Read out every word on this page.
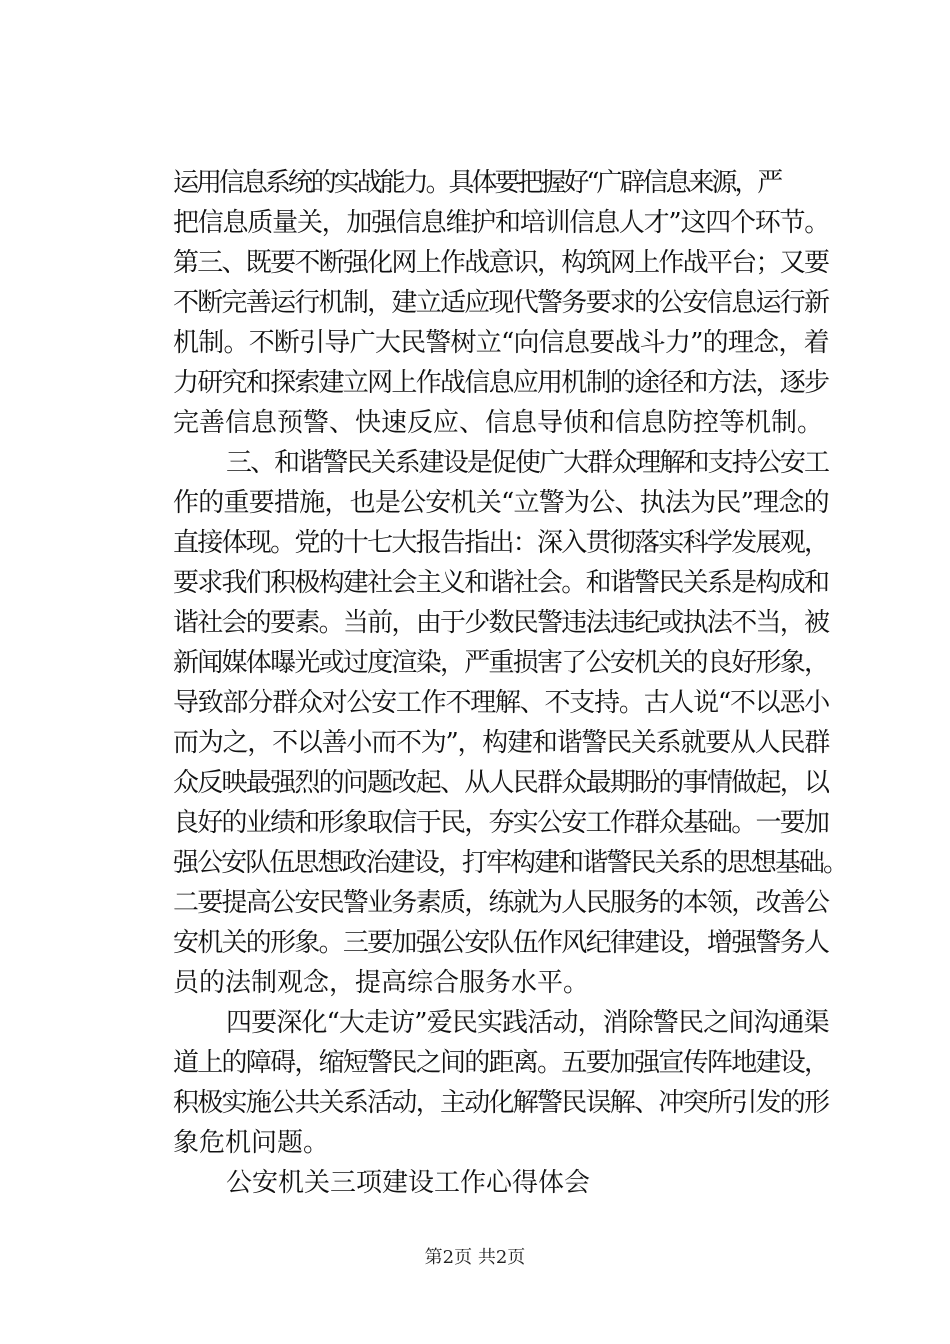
运用信息系统的实战能力。具体要把握好“广辟信息来源，严
把信息质量关，加强信息维护和培训信息人才”这四个环节。
第三、既要不断强化网上作战意识，构筑网上作战平台；又要
不断完善运行机制，建立适应现代警务要求的公安信息运行新
机制。不断引导广大民警树立“向信息要战斗力”的理念，着
力研究和探索建立网上作战信息应用机制的途径和方法，逐步
完善信息预警、快速反应、信息导侦和信息防控等机制。
三、和谐警民关系建设是促使广大群众理解和支持公安工
作的重要措施，也是公安机关“立警为公、执法为民”理念的
直接体现。党的十七大报告指出：深入贯彻落实科学发展观，
要求我们积极构建社会主义和谐社会。和谐警民关系是构成和
谐社会的要素。当前，由于少数民警违法违纪或执法不当，被
新闻媒体曝光或过度渲染，严重损害了公安机关的良好形象，
导致部分群众对公安工作不理解、不支持。古人说“不以恶小
而为之，不以善小而不为”，构建和谐警民关系就要从人民群
众反映最强烈的问题改起、从人民群众最期盼的事情做起，以
良好的业绩和形象取信于民，夯实公安工作群众基础。一要加
强公安队伍思想政治建设，打牢构建和谐警民关系的思想基础。
二要提高公安民警业务素质，练就为人民服务的本领，改善公
安机关的形象。三要加强公安队伍作风纪律建设，增强警务人
员的法制观念，提高综合服务水平。
四要深化“大走访”爱民实践活动，消除警民之间沟通渠
道上的障碍，缩短警民之间的距离。五要加强宣传阵地建设，
积极实施公共关系活动，主动化解警民误解、冲突所引发的形
象危机问题。
公安机关三项建设工作心得体会
第2页 共2页
